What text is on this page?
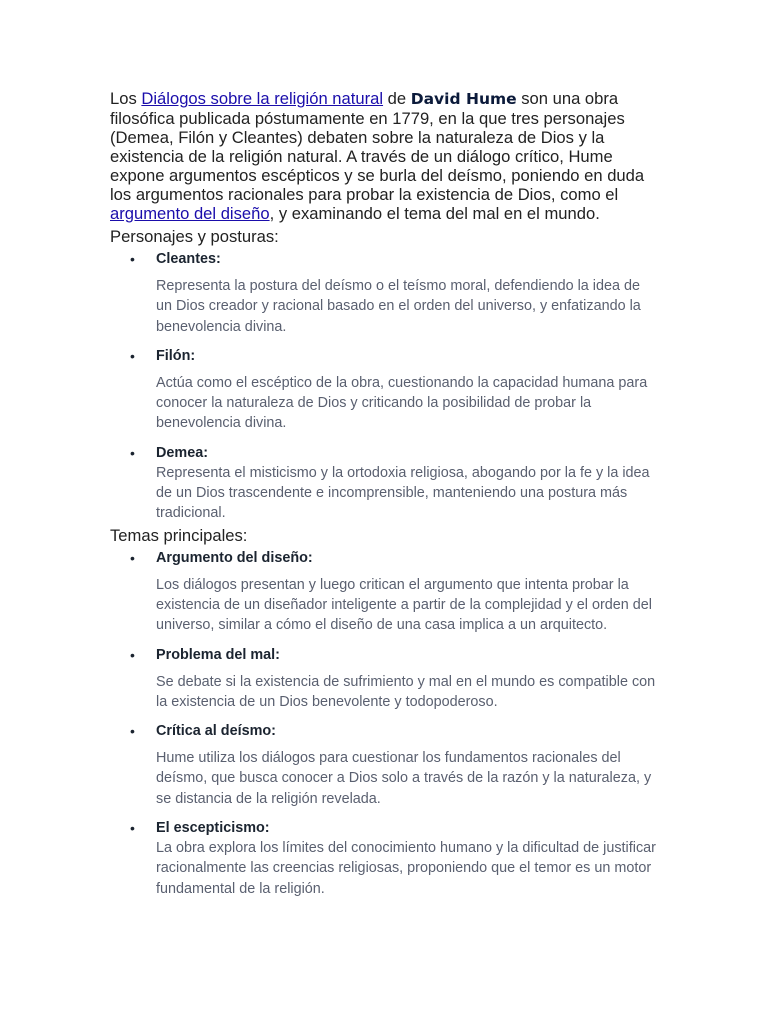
Los Diálogos sobre la religión natural de David Hume son una obra filosófica publicada póstumamente en 1779, en la que tres personajes (Demea, Filón y Cleantes) debaten sobre la naturaleza de Dios y la existencia de la religión natural. A través de un diálogo crítico, Hume expone argumentos escépticos y se burla del deísmo, poniendo en duda los argumentos racionales para probar la existencia de Dios, como el argumento del diseño, y examinando el tema del mal en el mundo.

Personajes y posturas:
• Cleantes:
Representa la postura del deísmo o el teísmo moral, defendiendo la idea de un Dios creador y racional basado en el orden del universo, y enfatizando la benevolencia divina.
• Filón:
Actúa como el escéptico de la obra, cuestionando la capacidad humana para conocer la naturaleza de Dios y criticando la posibilidad de probar la benevolencia divina.
• Demea:
Representa el misticismo y la ortodoxia religiosa, abogando por la fe y la idea de un Dios trascendente e incomprensible, manteniendo una postura más tradicional.
Temas principales:
• Argumento del diseño:
Los diálogos presentan y luego critican el argumento que intenta probar la existencia de un diseñador inteligente a partir de la complejidad y el orden del universo, similar a cómo el diseño de una casa implica a un arquitecto.
• Problema del mal:
Se debate si la existencia de sufrimiento y mal en el mundo es compatible con la existencia de un Dios benevolente y todopoderoso.
• Crítica al deísmo:
Hume utiliza los diálogos para cuestionar los fundamentos racionales del deísmo, que busca conocer a Dios solo a través de la razón y la naturaleza, y se distancia de la religión revelada.
• El escepticismo:
La obra explora los límites del conocimiento humano y la dificultad de justificar racionalmente las creencias religiosas, proponiendo que el temor es un motor fundamental de la religión.
